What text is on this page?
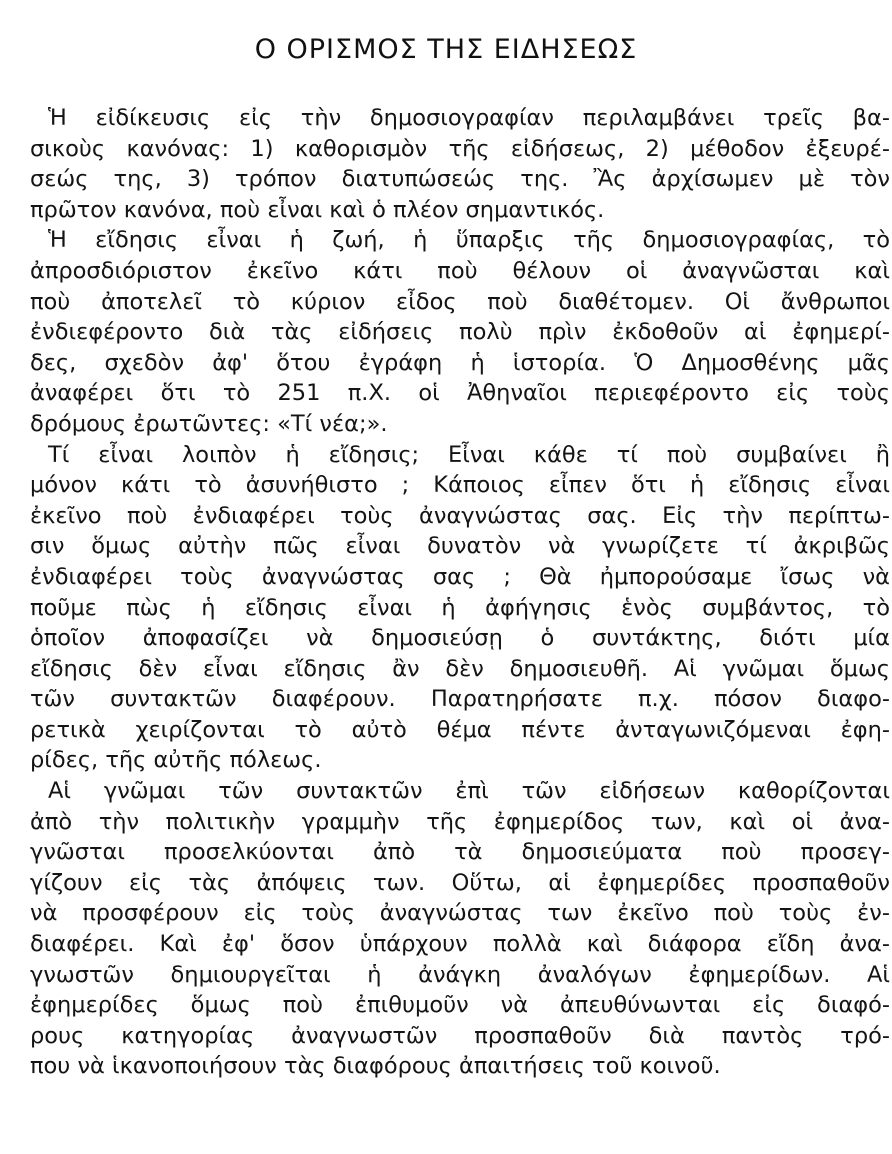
Ο ΟΡΙΣΜΟΣ ΤΗΣ ΕΙΔΗΣΕΩΣ
Ἡ εἰδίκευσις εἰς τὴν δημοσιογραφίαν περιλαμβάνει τρεῖς βα-
σικοὺς κανόνας: 1) καθορισμὸν τῆς εἰδήσεως, 2) μέθοδον ἐξευρέ-
σεώς της, 3) τρόπον διατυπώσεώς της. Ἂς ἀρχίσωμεν μὲ τὸν
πρῶτον κανόνα, ποὺ εἶναι καὶ ὁ πλέον σημαντικός.
Ἡ εἴδησις εἶναι ἡ ζωή, ἡ ὕπαρξις τῆς δημοσιογραφίας, τὸ
ἀπροσδιόριστον ἐκεῖνο κάτι ποὺ θέλουν οἱ ἀναγνῶσται καὶ
ποὺ ἀποτελεῖ τὸ κύριον εἶδος ποὺ διαθέτομεν. Οἱ ἄνθρωποι
ἐνδιεφέροντο διὰ τὰς εἰδήσεις πολὺ πρὶν ἐκδοθοῦν αἱ ἐφημερί-
δες, σχεδὸν ἀφ' ὅτου ἐγράφη ἡ ἱστορία. Ὁ Δημοσθένης μᾶς
ἀναφέρει ὅτι τὸ 251 π.Χ. οἱ Ἀθηναῖοι περιεφέροντο εἰς τοὺς
δρόμους ἐρωτῶντες: «Τί νέα;».
Τί εἶναι λοιπὸν ἡ εἴδησις; Εἶναι κάθε τί ποὺ συμβαίνει ἢ
μόνον κάτι τὸ ἀσυνήθιστο ; Κάποιος εἶπεν ὅτι ἡ εἴδησις εἶναι
ἐκεῖνο ποὺ ἐνδιαφέρει τοὺς ἀναγνώστας σας. Εἰς τὴν περίπτω-
σιν ὅμως αὐτὴν πῶς εἶναι δυνατὸν νὰ γνωρίζετε τί ἀκριβῶς
ἐνδιαφέρει τοὺς ἀναγνώστας σας ; Θὰ ἠμπορούσαμε ἴσως νὰ
ποῦμε πὼς ἡ εἴδησις εἶναι ἡ ἀφήγησις ἑνὸς συμβάντος, τὸ
ὁποῖον ἀποφασίζει νὰ δημοσιεύσῃ ὁ συντάκτης, διότι μία
εἴδησις δὲν εἶναι εἴδησις ἂν δὲν δημοσιευθῆ. Αἱ γνῶμαι ὅμως
τῶν συντακτῶν διαφέρουν. Παρατηρήσατε π.χ. πόσον διαφο-
ρετικὰ χειρίζονται τὸ αὐτὸ θέμα πέντε ἀνταγωνιζόμεναι ἐφη-
ρίδες, τῆς αὐτῆς πόλεως.
Αἱ γνῶμαι τῶν συντακτῶν ἐπὶ τῶν εἰδήσεων καθορίζονται
ἀπὸ τὴν πολιτικὴν γραμμὴν τῆς ἐφημερίδος των, καὶ οἱ ἀνα-
γνῶσται προσελκύονται ἀπὸ τὰ δημοσιεύματα ποὺ προσεγ-
γίζουν εἰς τὰς ἀπόψεις των. Οὕτω, αἱ ἐφημερίδες προσπαθοῦν
νὰ προσφέρουν εἰς τοὺς ἀναγνώστας των ἐκεῖνο ποὺ τοὺς ἐν-
διαφέρει. Καὶ ἐφ' ὅσον ὑπάρχουν πολλὰ καὶ διάφορα εἴδη ἀνα-
γνωστῶν δημιουργεῖται ἡ ἀνάγκη ἀναλόγων ἐφημερίδων. Αἱ
ἐφημερίδες ὅμως ποὺ ἐπιθυμοῦν νὰ ἀπευθύνωνται εἰς διαφό-
ρους κατηγορίας ἀναγνωστῶν προσπαθοῦν διὰ παντὸς τρό-
που νὰ ἱκανοποιήσουν τὰς διαφόρους ἀπαιτήσεις τοῦ κοινοῦ.
